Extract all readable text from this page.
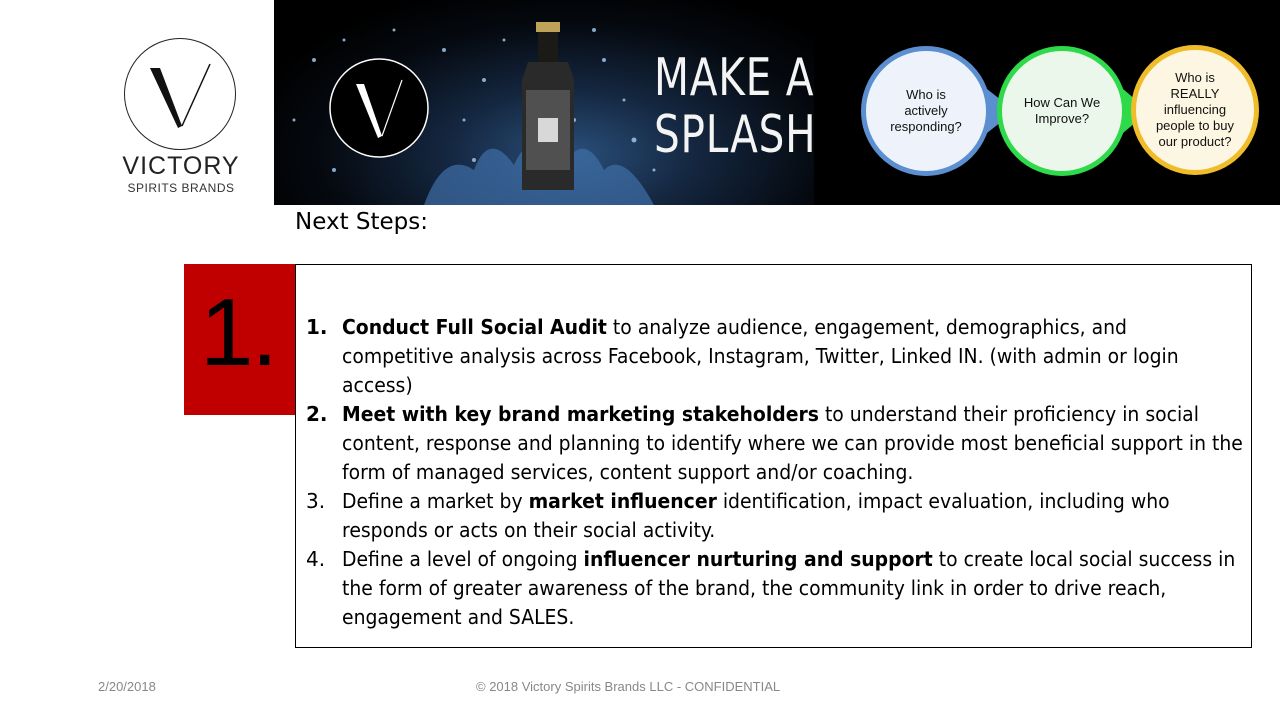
VICTORY
SPIRITS BRANDS
MAKE A
SPLASH
Who is actively responding?
How Can We Improve?
Who is REALLY influencing people to buy our product?
Next Steps:
1. 1. Conduct Full Social Audit to analyze audience, engagement, demographics, and competitive analysis across Facebook, Instagram, Twitter, Linked IN. (with admin or login access)
2. Meet with key brand marketing stakeholders to understand their proficiency in social content, response and planning to identify where we can provide most beneficial support in the form of managed services, content support and/or coaching.
3. Define a market by market influencer identification, impact evaluation, including who responds or acts on their social activity.
4. Define a level of ongoing influencer nurturing and support to create local social success in the form of greater awareness of the brand, the community link in order to drive reach, engagement and SALES.
2/20/2018	© 2018 Victory Spirits Brands LLC - CONFIDENTIAL
